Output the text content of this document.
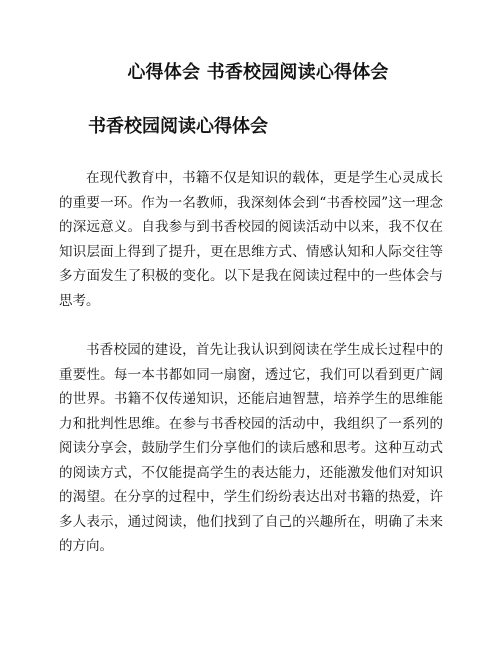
心得体会 书香校园阅读心得体会
书香校园阅读心得体会

在现代教育中，书籍不仅是知识的载体，更是学生心灵成长的重要一环。作为一名教师，我深刻体会到“书香校园”这一理念的深远意义。自我参与到书香校园的阅读活动中以来，我不仅在知识层面上得到了提升，更在思维方式、情感认知和人际交往等多方面发生了积极的变化。以下是我在阅读过程中的一些体会与思考。

书香校园的建设，首先让我认识到阅读在学生成长过程中的重要性。每一本书都如同一扇窗，透过它，我们可以看到更广阔的世界。书籍不仅传递知识，还能启迪智慧，培养学生的思维能力和批判性思维。在参与书香校园的活动中，我组织了一系列的阅读分享会，鼓励学生们分享他们的读后感和思考。这种互动式的阅读方式，不仅能提高学生的表达能力，还能激发他们对知识的渴望。在分享的过程中，学生们纷纷表达出对书籍的热爱，许多人表示，通过阅读，他们找到了自己的兴趣所在，明确了未来的方向。
